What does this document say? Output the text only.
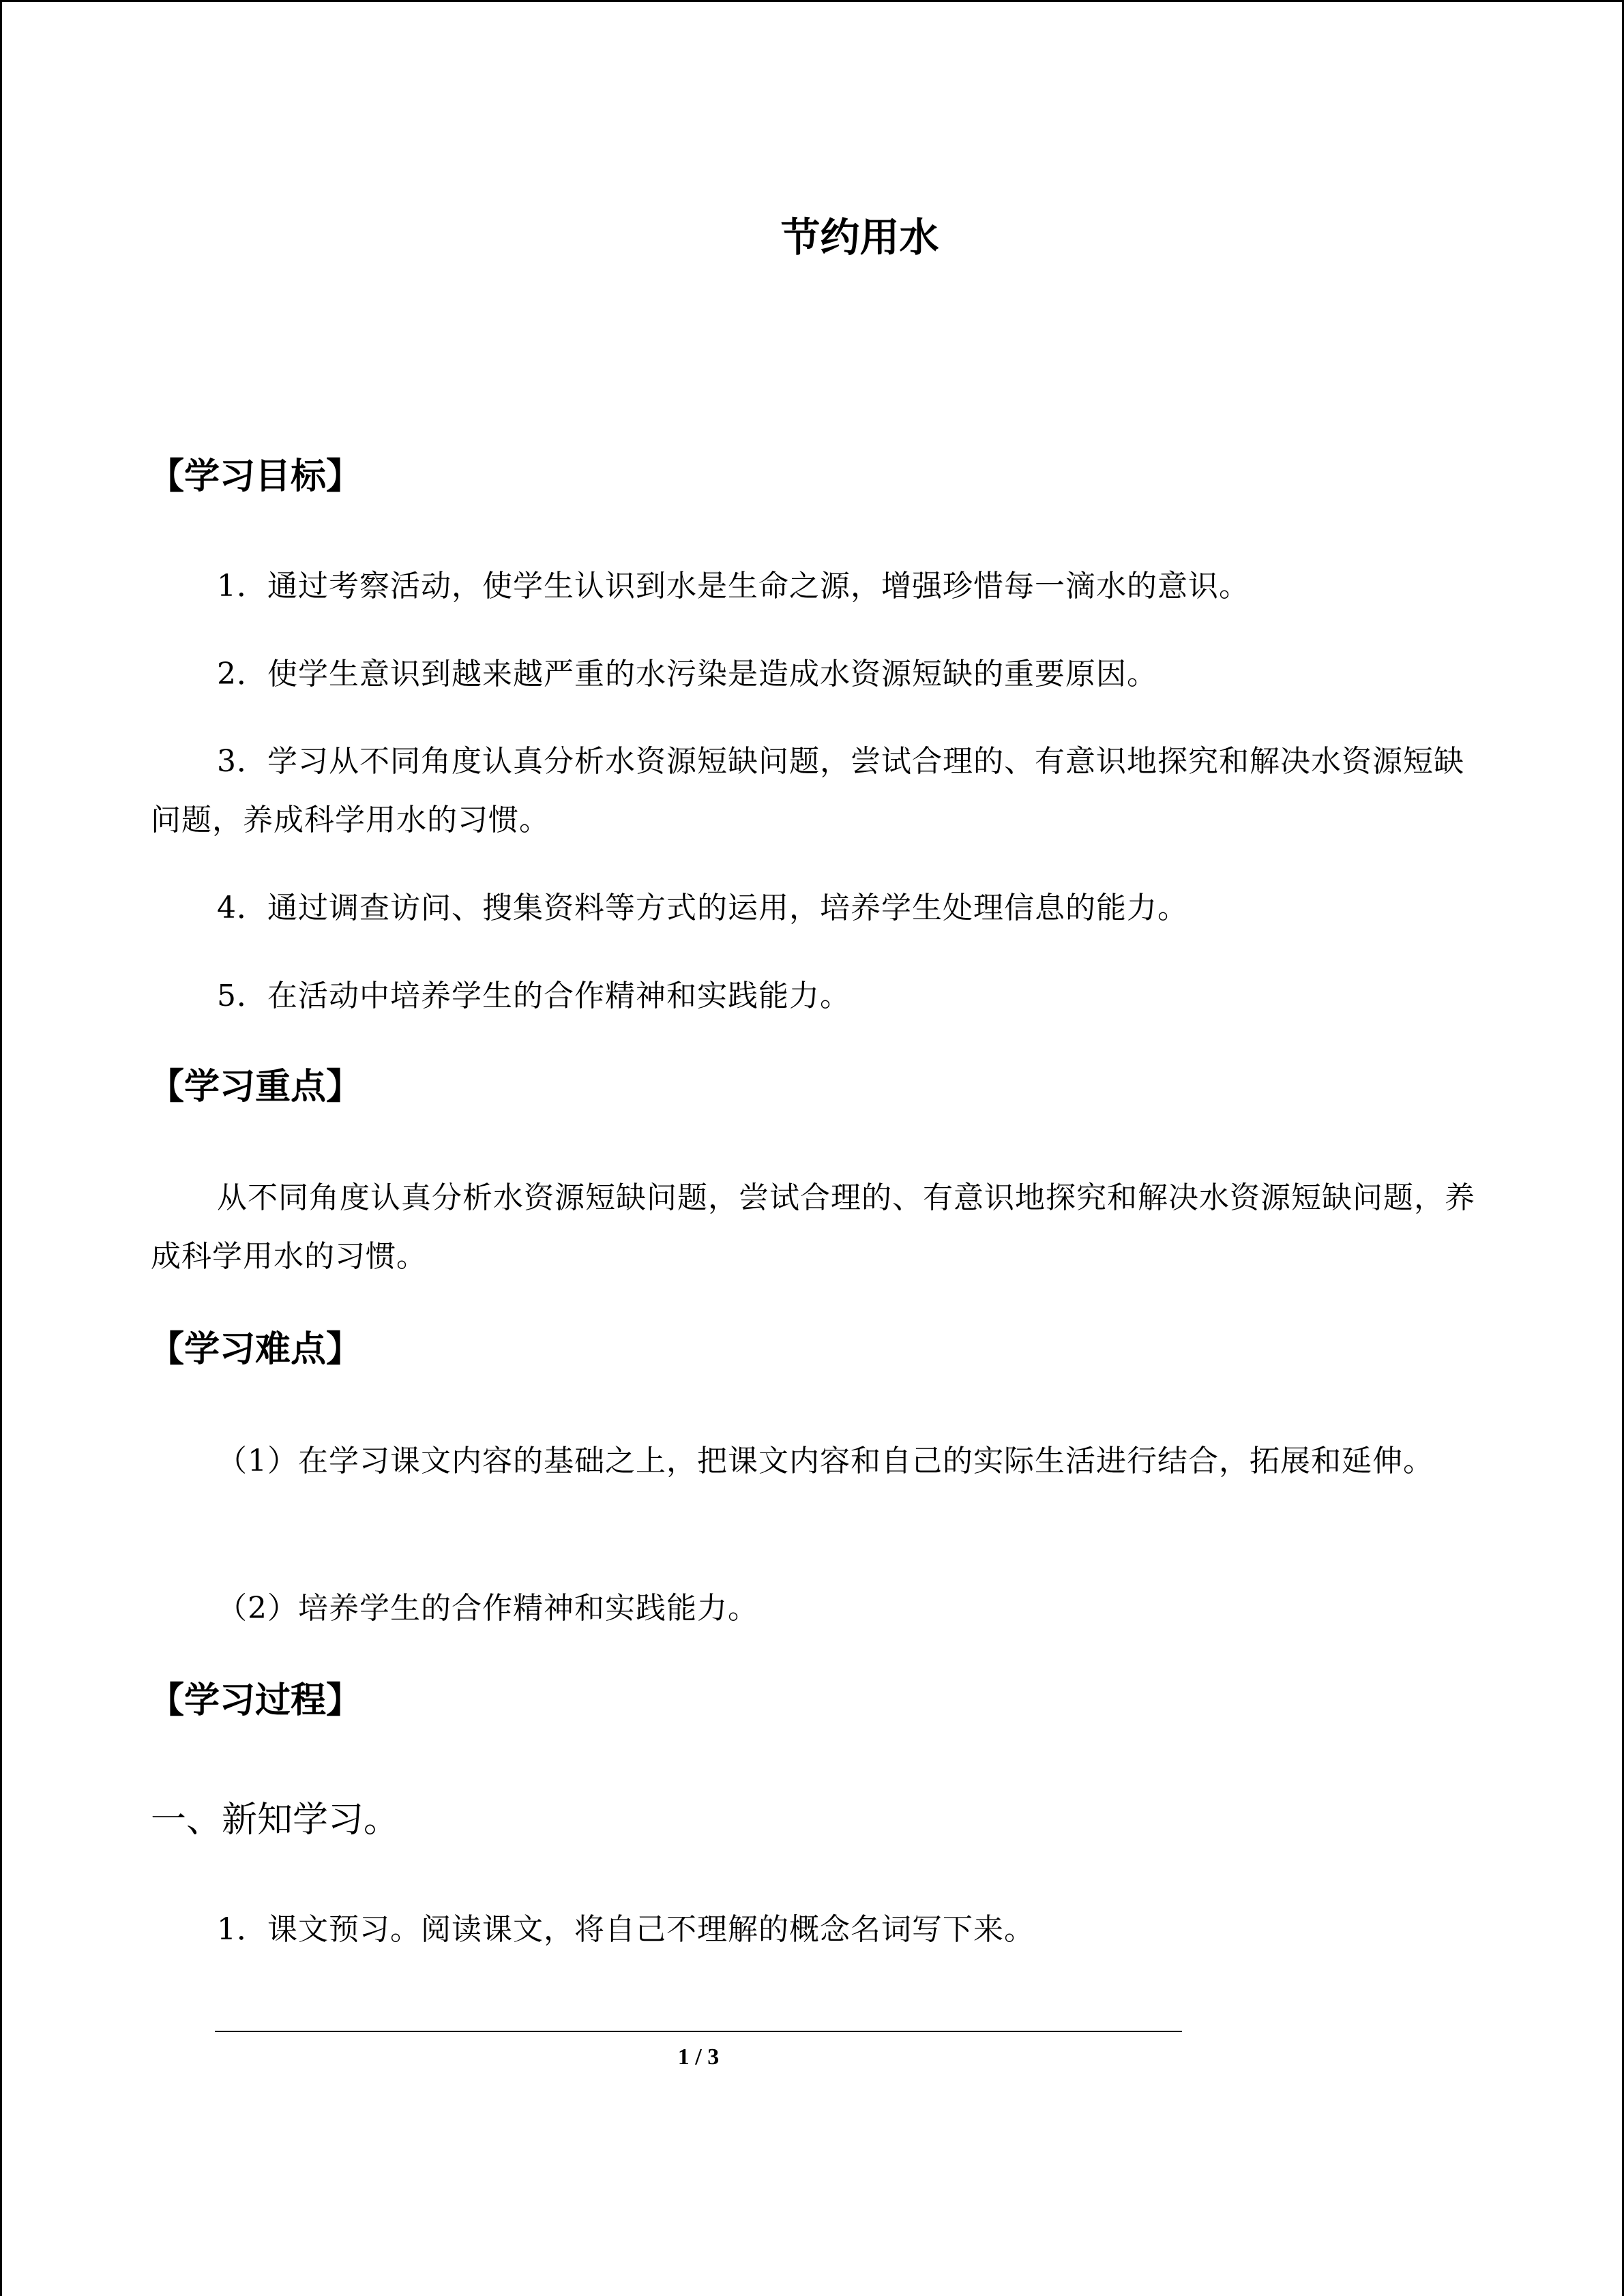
节约用水
【学习目标】
1．通过考察活动，使学生认识到水是生命之源，增强珍惜每一滴水的意识。
2．使学生意识到越来越严重的水污染是造成水资源短缺的重要原因。
3．学习从不同角度认真分析水资源短缺问题，尝试合理的、有意识地探究和解决水资源短缺问题，养成科学用水的习惯。
4．通过调查访问、搜集资料等方式的运用，培养学生处理信息的能力。
5．在活动中培养学生的合作精神和实践能力。
【学习重点】
从不同角度认真分析水资源短缺问题，尝试合理的、有意识地探究和解决水资源短缺问题，养成科学用水的习惯。
【学习难点】
（1）在学习课文内容的基础之上，把课文内容和自己的实际生活进行结合，拓展和延伸。
（2）培养学生的合作精神和实践能力。
【学习过程】
一、新知学习。
1．课文预习。阅读课文，将自己不理解的概念名词写下来。
1 / 3
